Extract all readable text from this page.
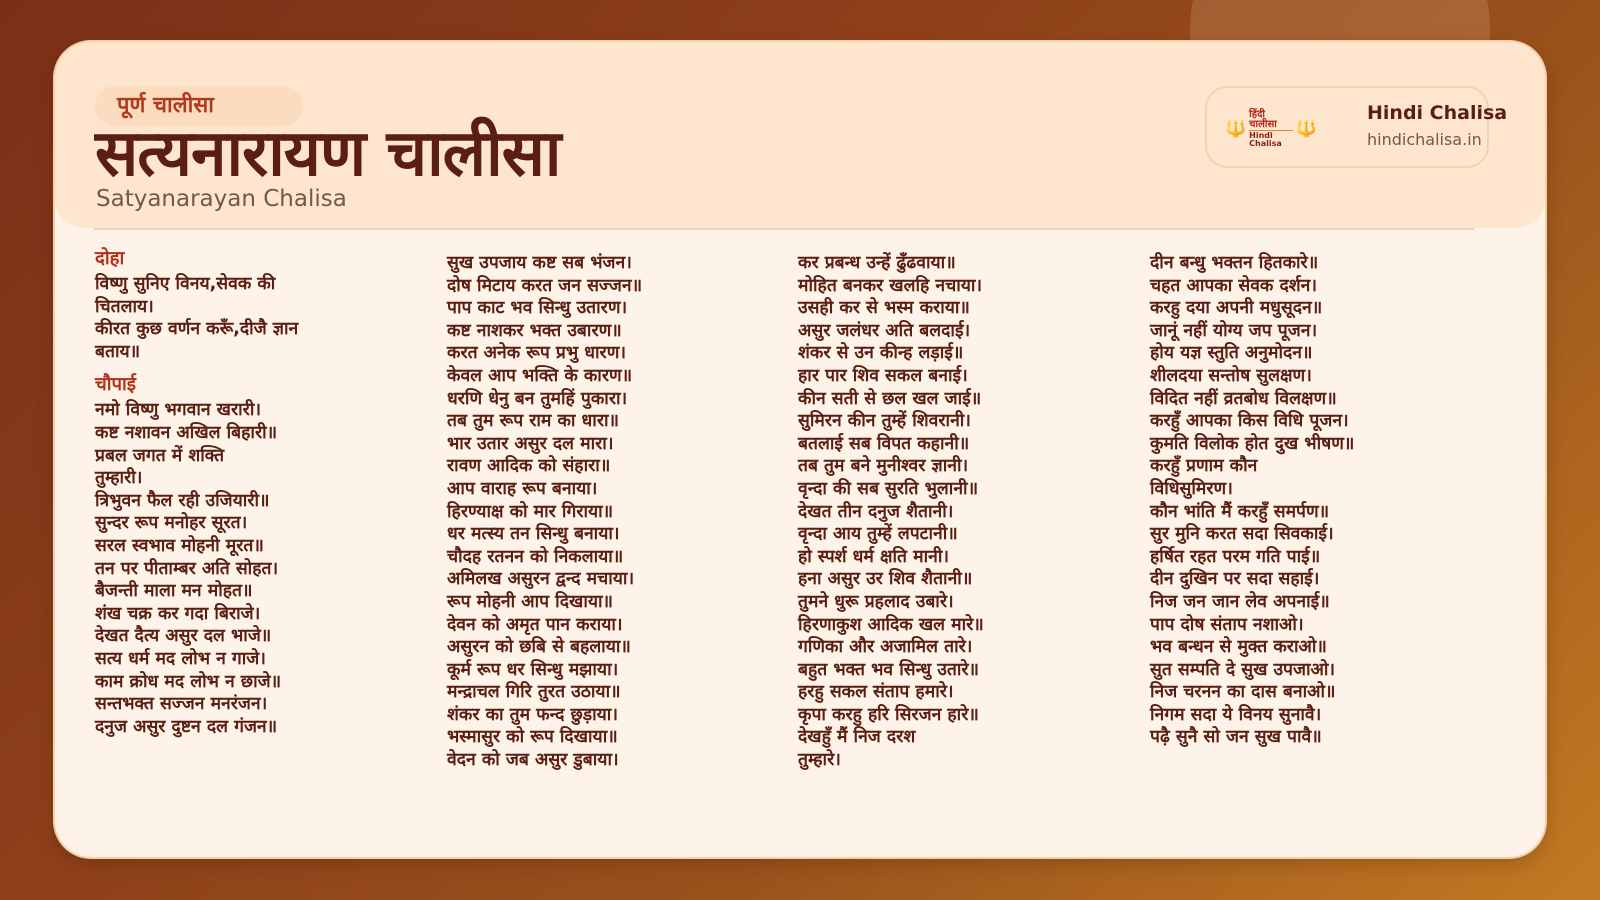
पूर्ण चालीसा
सत्यनारायण चालीसा
Satyanarayan Chalisa
🔱
हिंदी चालीसा
Hindi Chalisa
🔱
Hindi Chalisa
hindichalisa.in
दोहा
विष्णु सुनिए विनय,सेवक की चितलाय।
कीरत कुछ वर्णन करूँ,दीजै ज्ञान बताय॥
चौपाई
नमो विष्णु भगवान खरारी।
कष्ट नशावन अखिल बिहारी॥
प्रबल जगत में शक्ति तुम्हारी।
त्रिभुवन फैल रही उजियारी॥
सुन्दर रूप मनोहर सूरत।
सरल स्वभाव मोहनी मूरत॥
तन पर पीताम्बर अति सोहत।
बैजन्ती माला मन मोहत॥
शंख चक्र कर गदा बिराजे।
देखत दैत्य असुर दल भाजे॥
सत्य धर्म मद लोभ न गाजे।
काम क्रोध मद लोभ न छाजे॥
सन्तभक्त सज्जन मनरंजन।
दनुज असुर दुष्टन दल गंजन॥
सुख उपजाय कष्ट सब भंजन।
दोष मिटाय करत जन सज्जन॥
पाप काट भव सिन्धु उतारण।
कष्ट नाशकर भक्त उबारण॥
करत अनेक रूप प्रभु धारण।
केवल आप भक्ति के कारण॥
धरणि धेनु बन तुमहिं पुकारा।
तब तुम रूप राम का धारा॥
भार उतार असुर दल मारा।
रावण आदिक को संहारा॥
आप वाराह रूप बनाया।
हिरण्याक्ष को मार गिराया॥
धर मत्स्य तन सिन्धु बनाया।
चौदह रतनन को निकलाया॥
अमिलख असुरन द्वन्द मचाया।
रूप मोहनी आप दिखाया॥
देवन को अमृत पान कराया।
असुरन को छबि से बहलाया॥
कूर्म रूप धर सिन्धु मझाया।
मन्द्राचल गिरि तुरत उठाया॥
शंकर का तुम फन्द छुड़ाया।
भस्मासुर को रूप दिखाया॥
वेदन को जब असुर डुबाया।
कर प्रबन्ध उन्हें ढुँढवाया॥
मोहित बनकर खलहि नचाया।
उसही कर से भस्म कराया॥
असुर जलंधर अति बलदाई।
शंकर से उन कीन्ह लड़ाई॥
हार पार शिव सकल बनाई।
कीन सती से छल खल जाई॥
सुमिरन कीन तुम्हें शिवरानी।
बतलाई सब विपत कहानी॥
तब तुम बने मुनीश्वर ज्ञानी।
वृन्दा की सब सुरति भुलानी॥
देखत तीन दनुज शैतानी।
वृन्दा आय तुम्हें लपटानी॥
हो स्पर्श धर्म क्षति मानी।
हना असुर उर शिव शैतानी॥
तुमने धुरू प्रहलाद उबारे।
हिरणाकुश आदिक खल मारे॥
गणिका और अजामिल तारे।
बहुत भक्त भव सिन्धु उतारे॥
हरहु सकल संताप हमारे।
कृपा करहु हरि सिरजन हारे॥
देखहुँ मैं निज दरश तुम्हारे।
दीन बन्धु भक्तन हितकारे॥
चहत आपका सेवक दर्शन।
करहु दया अपनी मधुसूदन॥
जानूं नहीं योग्य जप पूजन।
होय यज्ञ स्तुति अनुमोदन॥
शीलदया सन्तोष सुलक्षण।
विदित नहीं व्रतबोध विलक्षण॥
करहुँ आपका किस विधि पूजन।
कुमति विलोक होत दुख भीषण॥
करहुँ प्रणाम कौन विधिसुमिरण।
कौन भांति मैं करहुँ समर्पण॥
सुर मुनि करत सदा सिवकाई।
हर्षित रहत परम गति पाई॥
दीन दुखिन पर सदा सहाई।
निज जन जान लेव अपनाई॥
पाप दोष संताप नशाओ।
भव बन्धन से मुक्त कराओ॥
सुत सम्पति दे सुख उपजाओ।
निज चरनन का दास बनाओ॥
निगम सदा ये विनय सुनावै।
पढ़ै सुनै सो जन सुख पावै॥
